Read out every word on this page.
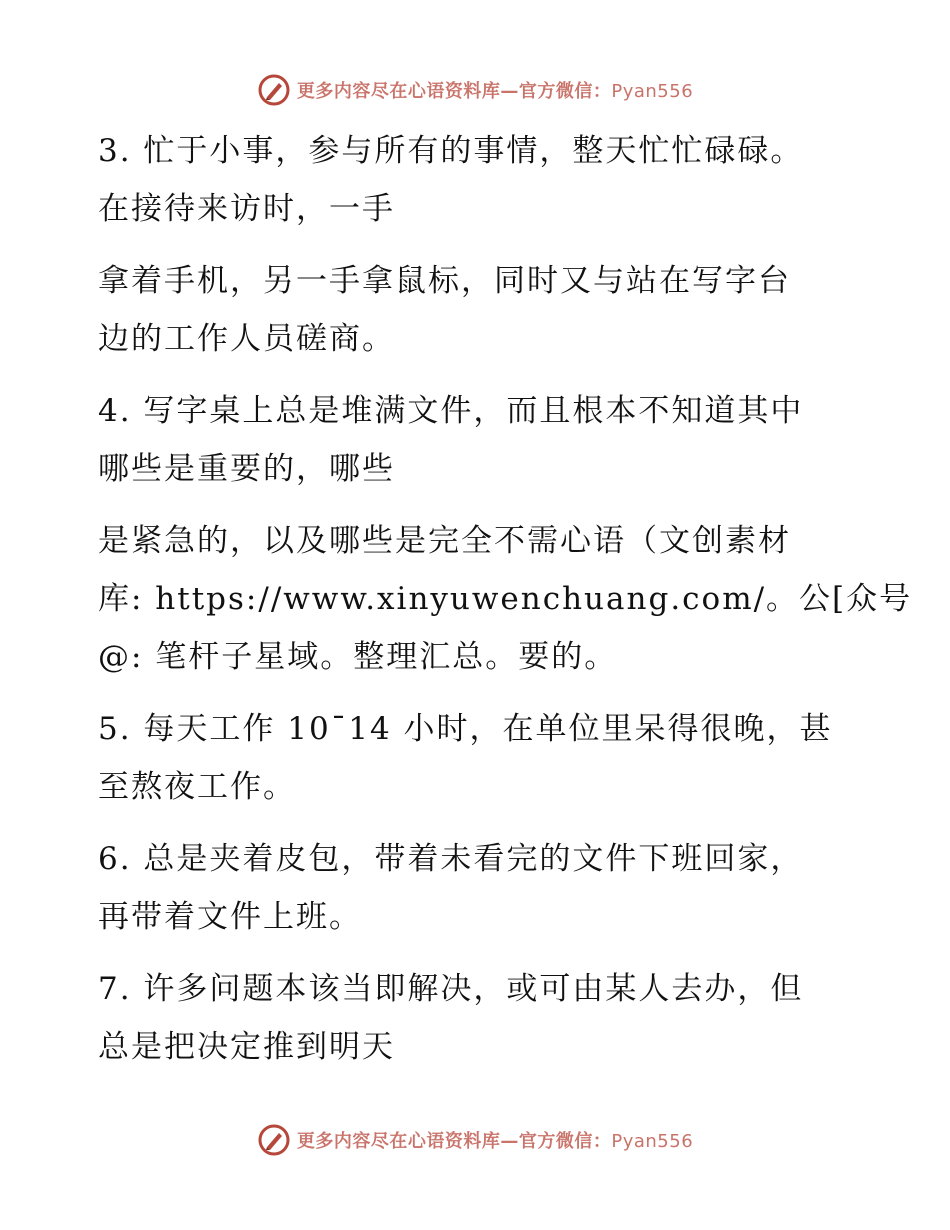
更多内容尽在心语资料库—官方微信：Pyan556
3. 忙于小事，参与所有的事情，整天忙忙碌碌。
在接待来访时，一手
拿着手机，另一手拿鼠标，同时又与站在写字台
边的工作人员磋商。
4. 写字桌上总是堆满文件，而且根本不知道其中
哪些是重要的，哪些
是紧急的，以及哪些是完全不需心语（文创素材
库: https://www.xinyuwenchuang.com/。公[众号
@: 笔杆子星域。整理汇总。要的。
5. 每天工作 10¯14 小时，在单位里呆得很晚，甚
至熬夜工作。
6. 总是夹着皮包，带着未看完的文件下班回家，
再带着文件上班。
7. 许多问题本该当即解决，或可由某人去办，但
总是把决定推到明天
更多内容尽在心语资料库—官方微信：Pyan556
